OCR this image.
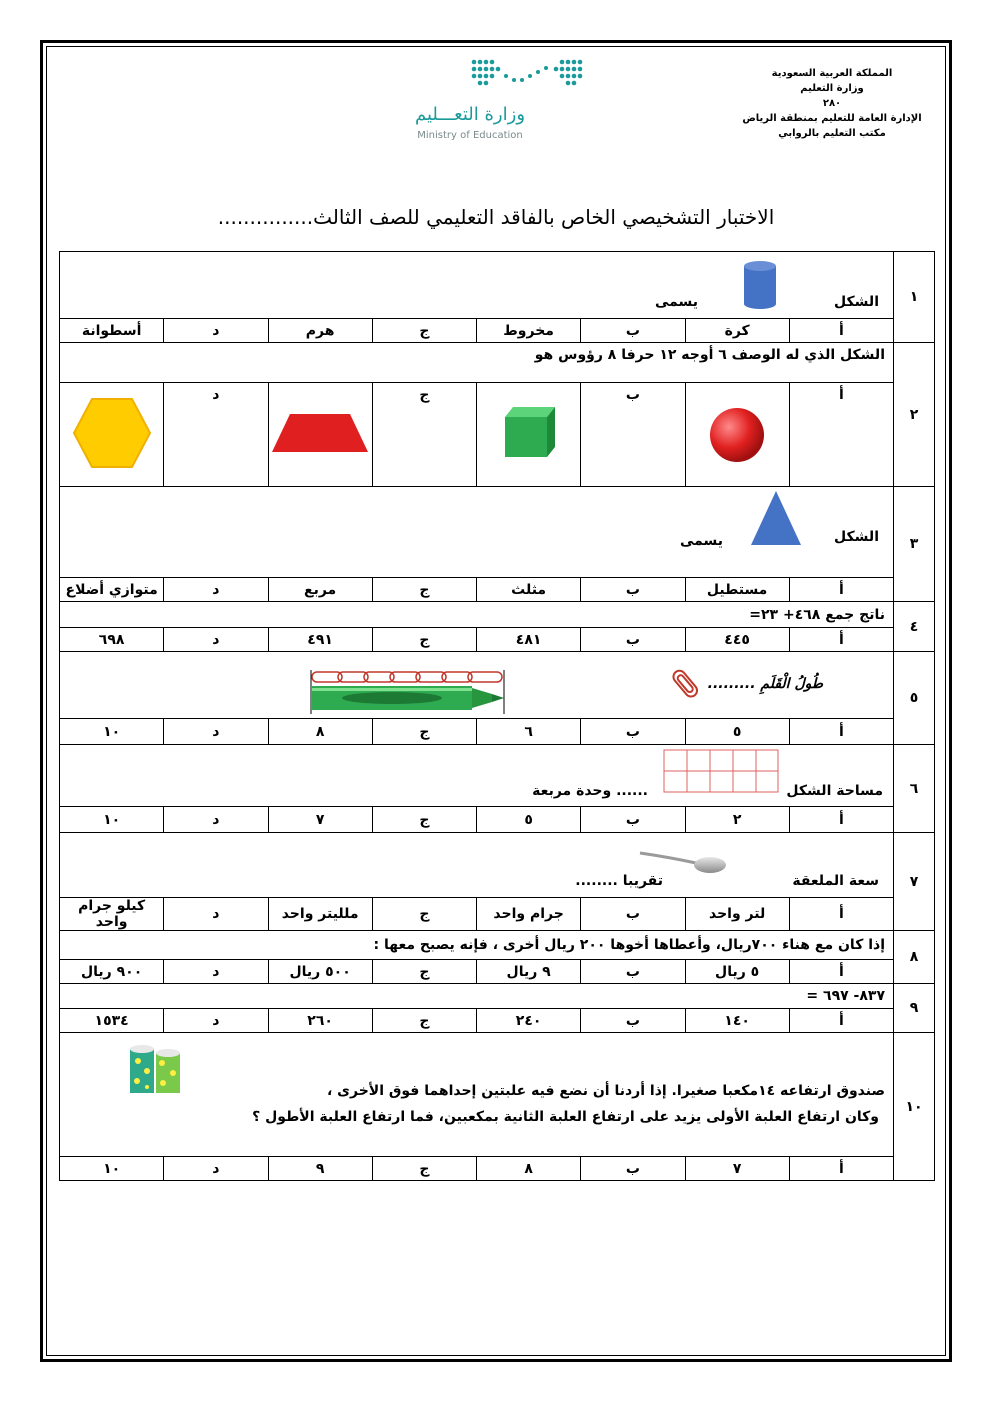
المملكة العربية السعودية
وزارة التعليم
٢٨٠
الإدارة العامة للتعليم بمنطقة الرياض
مكتب التعليم بالروابي
وزارة التعـــليم
Ministry of Education
الاختبار التشخيصي الخاص بالفاقد التعليمي للصف الثالث...............
١	الشكل
يسمى							

	أ	كرة	ب	مخروط	ج	هرم	د	أسطوانة
٢	الشكل الذي له الوصف ٦ أوجه ١٢ حرفا ٨ رؤوس هو							
	أ		ب		ج		د	
٣	الشكل
يسمى							

	أ	مستطيل	ب	مثلث	ج	مربع	د	متوازي أضلاع
٤	ناتج جمع ٤٦٨+ ٢٣=							
	أ	٤٤٥	ب	٤٨١	ج	٤٩١	د	٦٩٨
٥	طُولُ الْقَلَمِ .........							

	أ	٥	ب	٦	ج	٨	د	١٠
٦	مساحة الشكل
...... وحدة مربعة							

	أ	٢	ب	٥	ج	٧	د	١٠
٧	سعة الملعقة
تقريبا ........							

	أ	لتر واحد	ب	جرام واحد	ج	ملليتر واحد	د	كيلو جرام واحد
٨	إذا كان مع هناء ٧٠٠ريال، وأعطاها أخوها ٢٠٠ ريال أخرى ، فإنه يصبح معها :							
	أ	٥ ريال	ب	٩ ريال	ج	٥٠٠ ريال	د	٩٠٠ ريال
٩	٨٣٧- ٦٩٧ =							
	أ	١٤٠	ب	٢٤٠	ج	٢٦٠	د	١٥٣٤
١٠	صندوق ارتفاعه ١٤مكعبا صغيرا. إذا أردنا أن نضع فيه علبتين إحداهما فوق الأخرى ،
وكان ارتفاع العلبة الأولى يزيد على ارتفاع العلبة الثانية بمكعبين، فما ارتفاع العلبة الأطول ؟							

	أ	٧	ب	٨	ج	٩	د	١٠
